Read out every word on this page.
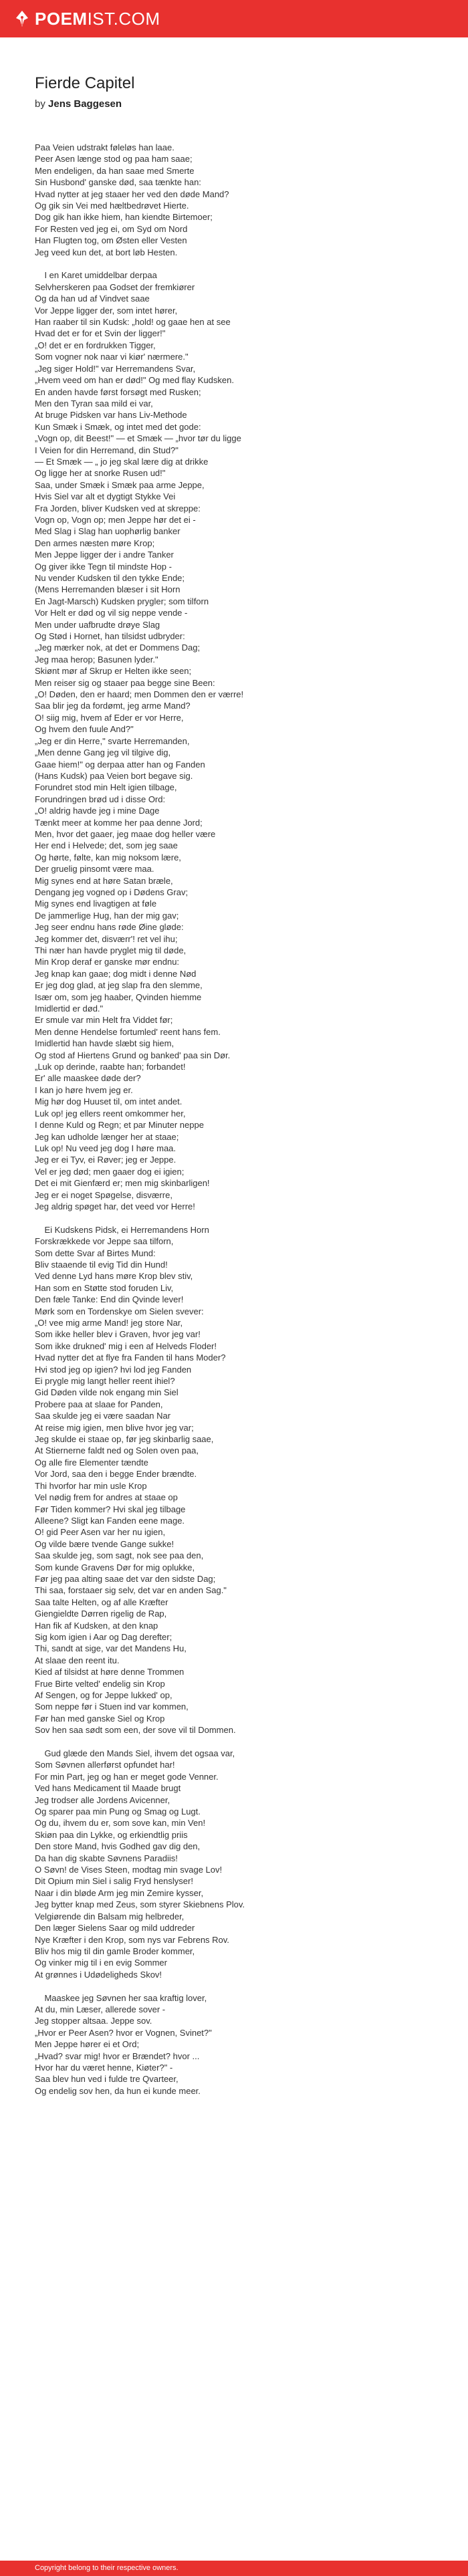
POEMIST.COM
Fierde Capitel
by Jens Baggesen
Paa Veien udstrakt føleløs han laae.
Peer Asen længe stod og paa ham saae;
Men endeligen, da han saae med Smerte
Sin Husbond' ganske død, saa tænkte han:
Hvad nytter at jeg staaer her ved den døde Mand?
Og gik sin Vei med hæltbedrøvet Hierte.
Dog gik han ikke hiem, han kiendte Birtemoer;
For Resten ved jeg ei, om Syd om Nord
Han Flugten tog, om Østen eller Vesten
Jeg veed kun det, at bort løb Hesten.
I en Karet umiddelbar derpaa
Selvherskeren paa Godset der fremkiører
Og da han ud af Vindvet saae
Vor Jeppe ligger der, som intet hører,
Han raaber til sin Kudsk: „hold! og gaae hen at see
Hvad det er for et Svin der ligger!"
„O! det er en fordrukken Tigger,
Som vogner nok naar vi kiør' nærmere."
„Jeg siger Hold!" var Herremandens Svar,
„Hvem veed om han er død!" Og med flay Kudsken.
En anden havde først forsøgt med Rusken;
Men den Tyran saa mild ei var,
At bruge Pidsken var hans Liv-Methode
Kun Smæk i Smæk, og intet med det gode:
„Vogn op, dit Beest!" — et Smæk — „hvor tør du ligge
I Veien for din Herremand, din Stud?"
— Et Smæk — „ jo jeg skal lære dig at drikke
Og ligge her at snorke Rusen ud!"
Saa, under Smæk i Smæk paa arme Jeppe,
Hvis Siel var alt et dygtigt Stykke Vei
Fra Jorden, bliver Kudsken ved at skreppe:
Vogn op, Vogn op; men Jeppe hør det ei -
Med Slag i Slag han uophørlig banker
Den armes næsten møre Krop;
Men Jeppe ligger der i andre Tanker
Og giver ikke Tegn til mindste Hop -
Nu vender Kudsken til den tykke Ende;
(Mens Herremanden blæser i sit Horn
En Jagt-Marsch) Kudsken prygler; som tilforn
Vor Helt er død og vil sig neppe vende -
Men under uafbrudte drøye Slag
Og Stød i Hornet, han tilsidst udbryder:
„Jeg mærker nok, at det er Dommens Dag;
Jeg maa herop; Basunen lyder."
Skiønt mør af Skrup er Helten ikke seen;
Men reiser sig og staaer paa begge sine Been:
„O! Døden, den er haard; men Dommen den er værre!
Saa blir jeg da fordømt, jeg arme Mand?
O! siig mig, hvem af Eder er vor Herre,
Og hvem den fuule And?"
„Jeg er din Herre," svarte Herremanden,
„Men denne Gang jeg vil tilgive dig,
Gaae hiem!" og derpaa atter han og Fanden
(Hans Kudsk) paa Veien bort begave sig.
Forundret stod min Helt igien tilbage,
Forundringen brød ud i disse Ord:
„O! aldrig havde jeg i mine Dage
Tænkt meer at komme her paa denne Jord;
Men, hvor det gaaer, jeg maae dog heller være
Her end i Helvede; det, som jeg saae
Og hørte, følte, kan mig noksom lære,
Der gruelig pinsomt være maa.
Mig synes end at høre Satan bræle,
Dengang jeg vogned op i Dødens Grav;
Mig synes end livagtigen at føle
De jammerlige Hug, han der mig gav;
Jeg seer endnu hans røde Øine gløde:
Jeg kommer det, disværr'! ret vel ihu;
Thi nær han havde pryglet mig til døde,
Min Krop deraf er ganske mør endnu:
Jeg knap kan gaae; dog midt i denne Nød
Er jeg dog glad, at jeg slap fra den slemme,
Især om, som jeg haaber, Qvinden hiemme
Imidlertid er død."
Er smule var min Helt fra Viddet før;
Men denne Hendelse fortumled' reent hans fem.
Imidlertid han havde slæbt sig hiem,
Og stod af Hiertens Grund og banked' paa sin Dør.
„Luk op derinde, raabte han; forbandet!
Er' alle maaskee døde der?
I kan jo høre hvem jeg er.
Mig hør dog Huuset til, om intet andet.
Luk op! jeg ellers reent omkommer her,
I denne Kuld og Regn; et par Minuter neppe
Jeg kan udholde længer her at staae;
Luk op! Nu veed jeg dog I høre maa.
Jeg er ei Tyv, ei Røver; jeg er Jeppe.
Vel er jeg død; men gaaer dog ei igien;
Det ei mit Gienfærd er; men mig skinbarligen!
Jeg er ei noget Spøgelse, disværre,
Jeg aldrig spøget har, det veed vor Herre!
Ei Kudskens Pidsk, ei Herremandens Horn
Forskrækkede vor Jeppe saa tilforn,
Som dette Svar af Birtes Mund:
Bliv staaende til evig Tid din Hund!
Ved denne Lyd hans møre Krop blev stiv,
Han som en Støtte stod foruden Liv,
Den fæle Tanke: End din Qvinde lever!
Mørk som en Tordenskye om Sielen svever:
„O! vee mig arme Mand! jeg store Nar,
Som ikke heller blev i Graven, hvor jeg var!
Som ikke drukned' mig i een af Helveds Floder!
Hvad nytter det at flye fra Fanden til hans Moder?
Hvi stod jeg op igien? hvi lod jeg Fanden
Ei prygle mig langt heller reent ihiel?
Gid Døden vilde nok engang min Siel
Probere paa at slaae for Panden,
Saa skulde jeg ei være saadan Nar
At reise mig igien, men blive hvor jeg var;
Jeg skulde ei staae op, før jeg skinbarlig saae,
At Stiernerne faldt ned og Solen oven paa,
Og alle fire Elementer tændte
Vor Jord, saa den i begge Ender brændte.
Thi hvorfor har min usle Krop
Vel nødig frem for andres at staae op
Før Tiden kommer? Hvi skal jeg tilbage
Alleene? Sligt kan Fanden eene mage.
O! gid Peer Asen var her nu igien,
Og vilde bære tvende Gange sukke!
Saa skulde jeg, som sagt, nok see paa den,
Som kunde Gravens Dør for mig oplukke,
Før jeg paa alting saae det var den sidste Dag;
Thi saa, forstaaer sig selv, det var en anden Sag."
Saa talte Helten, og af alle Kræfter
Giengieldte Dørren rigelig de Rap,
Han fik af Kudsken, at den knap
Sig kom igien i Aar og Dag derefter;
Thi, sandt at sige, var det Mandens Hu,
At slaae den reent itu.
Kied af tilsidst at høre denne Trommen
Frue Birte velted' endelig sin Krop
Af Sengen, og for Jeppe lukked' op,
Som neppe før i Stuen ind var kommen,
Før han med ganske Siel og Krop
Sov hen saa sødt som een, der sove vil til Dommen.
Gud glæde den Mands Siel, ihvem det ogsaa var,
Som Søvnen allerførst opfundet har!
For min Part, jeg og han er meget gode Venner.
Ved hans Medicament til Maade brugt
Jeg trodser alle Jordens Avicenner,
Og sparer paa min Pung og Smag og Lugt.
Og du, ihvem du er, som sove kan, min Ven!
Skiøn paa din Lykke, og erkiendtlig priis
Den store Mand, hvis Godhed gav dig den,
Da han dig skabte Søvnens Paradiis!
O Søvn! de Vises Steen, modtag min svage Lov!
Dit Opium min Siel i salig Fryd henslyser!
Naar i din bløde Arm jeg min Zemire kysser,
Jeg bytter knap med Zeus, som styrer Skiebnens Plov.
Velgiørende din Balsam mig helbreder,
Den læger Sielens Saar og mild uddreder
Nye Kræfter i den Krop, som nys var Febrens Rov.
Bliv hos mig til din gamle Broder kommer,
Og vinker mig til i en evig Sommer
At grønnes i Udødeligheds Skov!
Maaskee jeg Søvnen her saa kraftig lover,
At du, min Læser, allerede sover -
Jeg stopper altsaa. Jeppe sov.
„Hvor er Peer Asen? hvor er Vognen, Svinet?"
Men Jeppe hører ei et Ord;
„Hvad? svar mig! hvor er Brændet? hvor ...
Hvor har du været henne, Kiøter?" -
Saa blev hun ved i fulde tre Qvarteer,
Og endelig sov hen, da hun ei kunde meer.
Copyright belong to their respective owners.
